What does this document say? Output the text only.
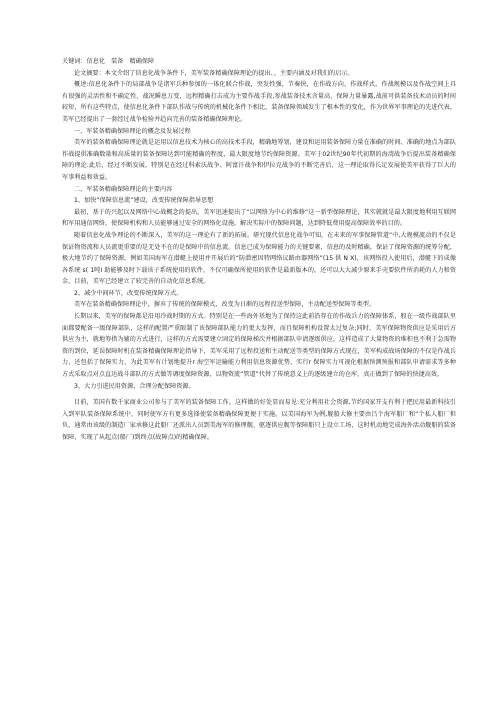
关键词：信息化　装备　精确保障

论文摘要：本文介绍了信息化战争条件下，美军装备精确保障理论的提出、、主要内涵及对我们的启示。

概述:信息化条件下的局部战争是诸军兵种参加的一体化联合作战，突发性强，节奏快，在作战方向、作战样式、作战规模以及作战空间上具有很强的灵活性和不确定性，战况瞬息万变，远程精确打击成为主要作战手段,参战装备技术含量高，保障力量暴露,战前可供装备技术动员的时间较短，所有这些特点，使信息化条件下部队作战与传统的机械化条件下相比，装备保障领域发生了根本性的变化，作为世界军事理论的先进代表，美军已经提出了一套经过战争检验并趋向完善的装备精确保障理论。

一、军装备精确保障理论的概念及发展过程

美军的装备精确保障理论就是运用以信息技术为核心的高技术手段，精确地筹划，建设和运用装备保障力量在准确的时间、准确的地点为部队作战提供准确数量和高质量的装备保障达到可能精确的程度，最大限度地节约保障资源。美军于02世纪90年代初期的海湾战争后提出装备精确保障的理论.此后，经过不断发展，特别是在经过科索沃战争、阿富汗战争和伊拉克战争的不断完善后，这一理论取得长足发展使美军获得了巨大的军事利益和效益。

二、军装备精确保障理论的主要内容

1、加快“保障信息流”建设，改变传统保障指导思想

最初，基于的兴起以及网络中心战概念的提出，美军迅速提出了“以网络为中心的维修”这一新型保障理论，其实就就是最大限度地利用互联网和军用通信网络，使保障机构和人员能够通过安全的网络化设施，解决实际中的保障问题，达到降低费用提高保障效率的目的。

随着信息化战争理论的不断深入，美军的这一理论有了新的拓展。研究现代信息化战争可知，在未来的军事保障管道“中,大规模流动的不仅是保证物资流和人员流更重要的是无处不在的是保障中的信息流。信息已成为保障能力的关键要素，信息的及时精确，保证了保障资源的统筹分配，极大地节约了保障资源。例如美国海军在潜艇上使用并开展后的“防潜密因特网络议路由器网络”(15 供 N X)，该网络投入使用后，潜艇下的成像各系统 s( 1吨I 助能够及时下载该子系统使用的软件，不仅可确保所使用的软件是最新版本的，还可以大大减少原来手壳要软件所消耗的人力和资金，目前，美军已经建立了较完善的自动化信息系统。

2、减少中间环节，改变传统保障方式。

美军在装备精确保障理论中，摒弃了传统的保障模式，改变为日渐的远程投送型保障，主动配送型保障等类型。

长期以来，美军的保障都是沿用冷战时期的方式。特别是在一些海外基地为了保持这此前沿存在的作战兵力的保障体系，般在一级作战部队里面都要配备一级保障部队，这样的配置严重限制了该保障部队能力的更大发挥，而且保障机构设置太过复杂;同时，美军保障物资供应是采用后方供应为主，就地筹措为辅的方式进行，这样的方式需要建立固定的保障梯次并根据部队申请逐级供应，这样造成了大量物资的堆积也不利于急需物资的到位，延误保障时机在装备精确保障理论指导下，美军采用了远程投送和主动配送等类型的保障方式现在，美军构成战场保障的不仅是作战兵力，还包括了保障实力，为此美军有计划地提升r 海空军运输能力利用信息资源优势，实行r 保障实力可视化根据预测预报和部队申请需求等多种方式采取点对点直达战斗部队的方式做等调度保障资源，以物资流“管道”代替了传统意义上的逐级建立的仓库，真正做到了保障的快捷高效。

3、大力引进民用资源，合理分配保障资源。

目前，美国有数千家商业公司参与了美军的装备保障工作，这样做的好处显而易见:充分利用社会资源,节约国家开支有利于把民用最新科技引入到军队装备保障系统中，同时使军方有更多选择使装备精确保障更便于实施。以美国海军为例,舰船大修主要由吕个海军船厂和“个私人船厂担负，通常由该级的制造厂家承修这此船厂还派出人员到美海军的修理舰、驱逐供应舰等保障船只上设立工场，这时机动地完成海外活动舰船的装备保障，实现了从起点(船厂)到终点(故障点)的精确保障。
